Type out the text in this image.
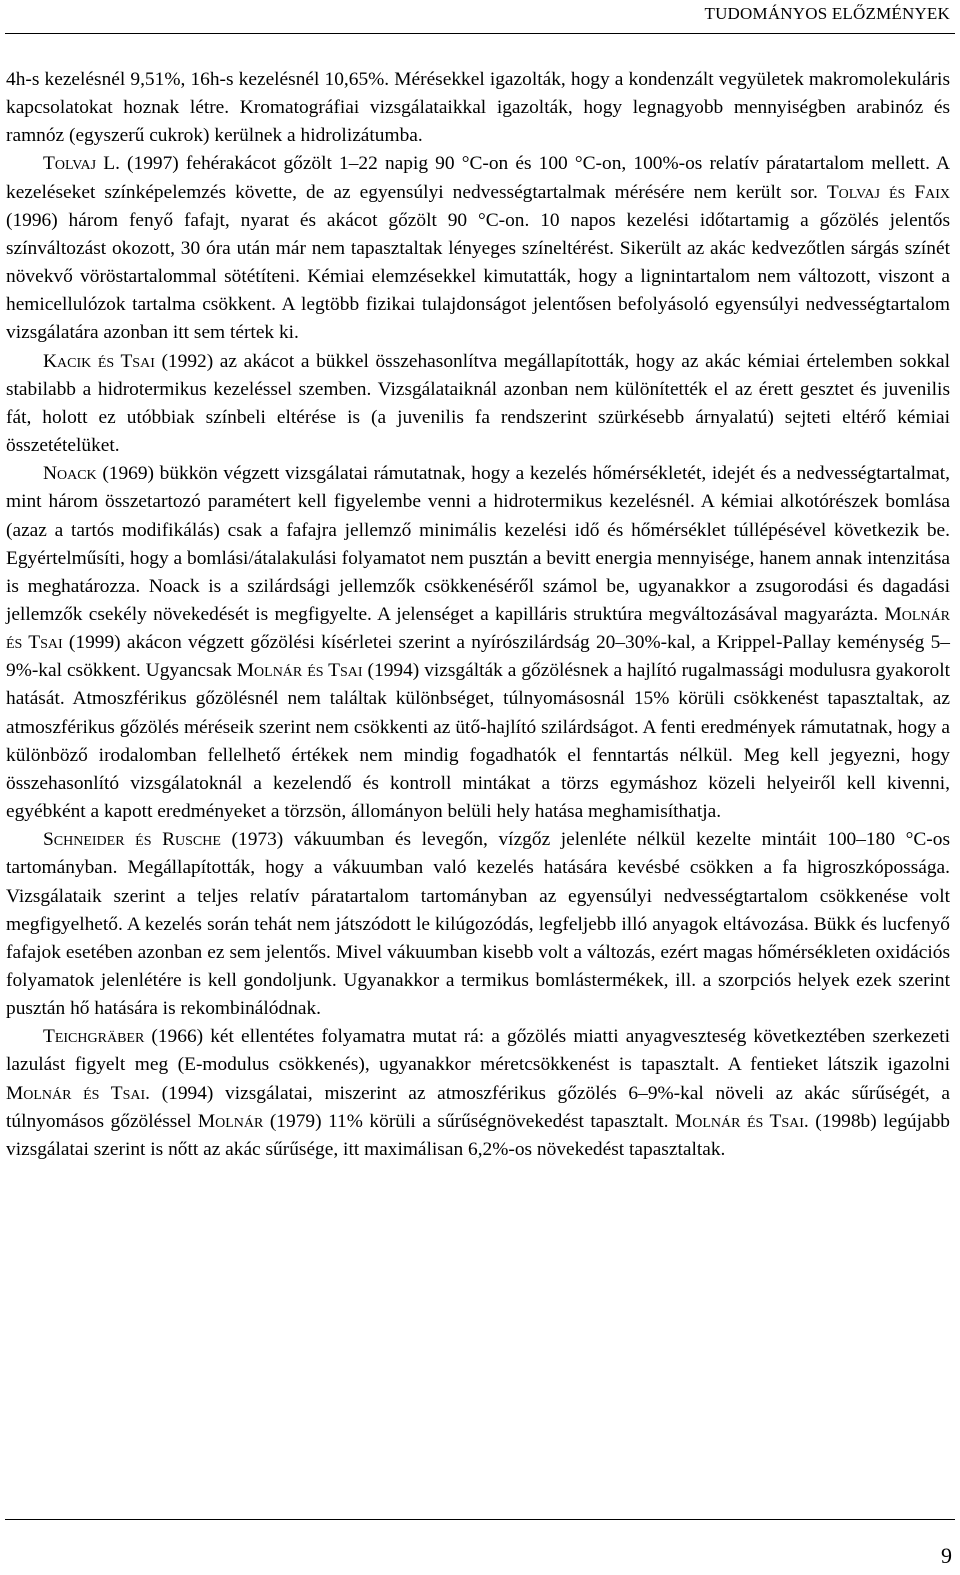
TUDOMÁNYOS ELŐZMÉNYEK

4h-s kezelésnél 9,51%, 16h-s kezelésnél 10,65%. Mérésekkel igazolták, hogy a kondenzált vegyületek makromolekuláris kapcsolatokat hoznak létre. Kromatográfiai vizsgálataikkal igazolták, hogy legnagyobb mennyiségben arabinóz és ramnóz (egyszerű cukrok) kerülnek a hidrolizátumba.

Tolvaj L. (1997) fehérakácot gőzölt 1–22 napig 90 °C-on és 100 °C-on, 100%-os relatív páratartalom mellett. A kezeléseket színképelemzés követte, de az egyensúlyi nedvességtartalmak mérésére nem került sor. Tolvaj és Faix (1996) három fenyő fafajt, nyarat és akácot gőzölt 90 °C-on. 10 napos kezelési időtartamig a gőzölés jelentős színváltozást okozott, 30 óra után már nem tapasztaltak lényeges színeltérést. Sikerült az akác kedvezőtlen sárgás színét növekvő vöröstartalommal sötétíteni. Kémiai elemzésekkel kimutatták, hogy a lignintartalom nem változott, viszont a hemicellulózok tartalma csökkent. A legtöbb fizikai tulajdonságot jelentősen befolyásoló egyensúlyi nedvességtartalom vizsgálatára azonban itt sem tértek ki.

Kacik és Tsai (1992) az akácot a bükkel összehasonlítva megállapították, hogy az akác kémiai értelemben sokkal stabilabb a hidrotermikus kezeléssel szemben. Vizsgálataiknál azonban nem különítették el az érett gesztet és juvenilis fát, holott ez utóbbiak színbeli eltérése is (a juvenilis fa rendszerint szürkésebb árnyalatú) sejteti eltérő kémiai összetételüket.

Noack (1969) bükkön végzett vizsgálatai rámutatnak, hogy a kezelés hőmérsékletét, idejét és a nedvességtartalmat, mint három összetartozó paramétert kell figyelembe venni a hidrotermikus kezelésnél. A kémiai alkotórészek bomlása (azaz a tartós modifikálás) csak a fafajra jellemző minimális kezelési idő és hőmérséklet túllépésével következik be. Egyértelműsíti, hogy a bomlási/átalakulási folyamatot nem pusztán a bevitt energia mennyisége, hanem annak intenzitása is meghatározza. Noack is a szilárdsági jellemzők csökkenéséről számol be, ugyanakkor a zsugorodási és dagadási jellemzők csekély növekedését is megfigyelte. A jelenséget a kapilláris struktúra megváltozásával magyarázta. Molnár és Tsai (1999) akácon végzett gőzölési kísérletei szerint a nyírószilárdság 20–30%-kal, a Krippel-Pallay keménység 5–9%-kal csökkent. Ugyancsak Molnár és Tsai (1994) vizsgálták a gőzölésnek a hajlító rugalmassági modulusra gyakorolt hatását. Atmoszférikus gőzölésnél nem találtak különbséget, túlnyomásosnál 15% körüli csökkenést tapasztaltak, az atmoszférikus gőzölés méréseik szerint nem csökkenti az ütő-hajlító szilárdságot. A fenti eredmények rámutatnak, hogy a különböző irodalomban fellelhető értékek nem mindig fogadhatók el fenntartás nélkül. Meg kell jegyezni, hogy összehasonlító vizsgálatoknál a kezelendő és kontroll mintákat a törzs egymáshoz közeli helyeiről kell kivenni, egyébként a kapott eredményeket a törzsön, állományon belüli hely hatása meghamisíthatja.

Schneider és Rusche (1973) vákuumban és levegőn, vízgőz jelenléte nélkül kezelte mintáit 100–180 °C-os tartományban. Megállapították, hogy a vákuumban való kezelés hatására kevésbé csökken a fa higroszkópossága. Vizsgálataik szerint a teljes relatív páratartalom tartományban az egyensúlyi nedvességtartalom csökkenése volt megfigyelhető. A kezelés során tehát nem játszódott le kilúgozódás, legfeljebb illó anyagok eltávozása. Bükk és lucfenyő fafajok esetében azonban ez sem jelentős. Mivel vákuumban kisebb volt a változás, ezért magas hőmérsékleten oxidációs folyamatok jelenlétére is kell gondoljunk. Ugyanakkor a termikus bomlástermékek, ill. a szorpciós helyek ezek szerint pusztán hő hatására is rekombinálódnak.

Teichgräber (1966) két ellentétes folyamatra mutat rá: a gőzölés miatti anyagveszteség következtében szerkezeti lazulást figyelt meg (E-modulus csökkenés), ugyanakkor méretcsökkenést is tapasztalt. A fentieket látszik igazolni Molnár és Tsai. (1994) vizsgálatai, miszerint az atmoszférikus gőzölés 6–9%-kal növeli az akác sűrűségét, a túlnyomásos gőzöléssel Molnár (1979) 11% körüli a sűrűségnövekedést tapasztalt. Molnár és Tsai. (1998b) legújabb vizsgálatai szerint is nőtt az akác sűrűsége, itt maximálisan 6,2%-os növekedést tapasztaltak.

9
